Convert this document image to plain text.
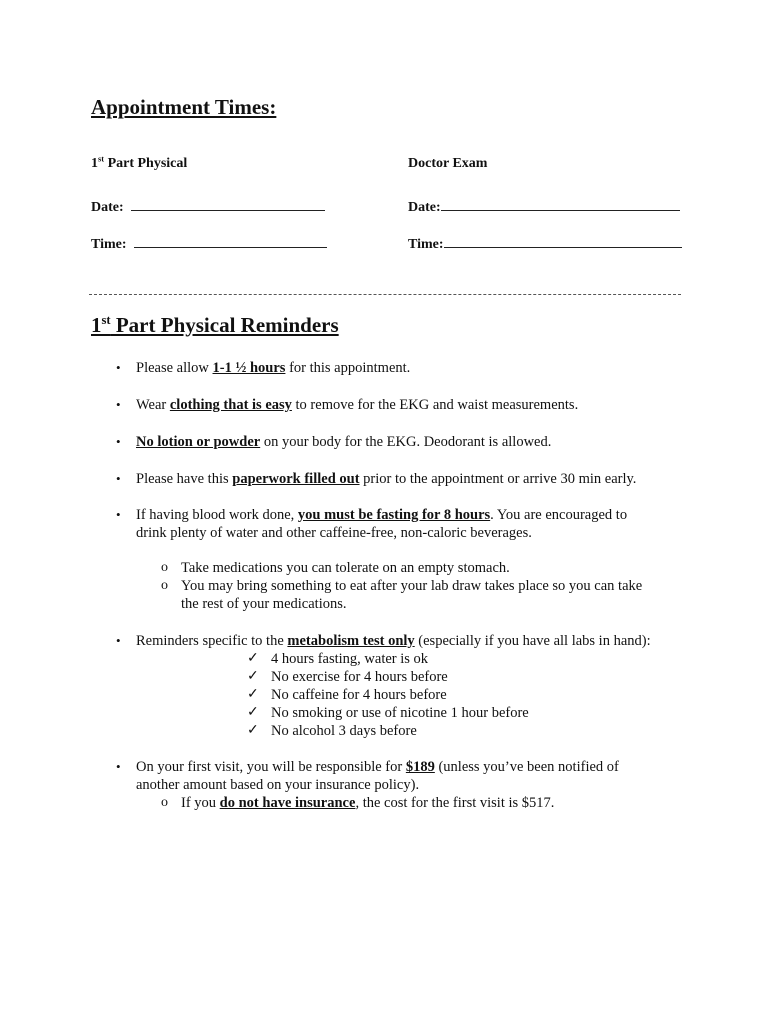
Appointment Times:
1st Part Physical	Doctor Exam
Date:	Date:
Time:	Time:
1st Part Physical Reminders
• Please allow 1-1 ½ hours for this appointment.
• Wear clothing that is easy to remove for the EKG and waist measurements.
• No lotion or powder on your body for the EKG. Deodorant is allowed.
• Please have this paperwork filled out prior to the appointment or arrive 30 min early.
• If having blood work done, you must be fasting for 8 hours. You are encouraged to
drink plenty of water and other caffeine-free, non-caloric beverages.
o Take medications you can tolerate on an empty stomach.
o You may bring something to eat after your lab draw takes place so you can take
the rest of your medications.
• Reminders specific to the metabolism test only (especially if you have all labs in hand):
✓ 4 hours fasting, water is ok
✓ No exercise for 4 hours before
✓ No caffeine for 4 hours before
✓ No smoking or use of nicotine 1 hour before
✓ No alcohol 3 days before
• On your first visit, you will be responsible for $189 (unless you’ve been notified of
another amount based on your insurance policy).
o If you do not have insurance, the cost for the first visit is $517.
